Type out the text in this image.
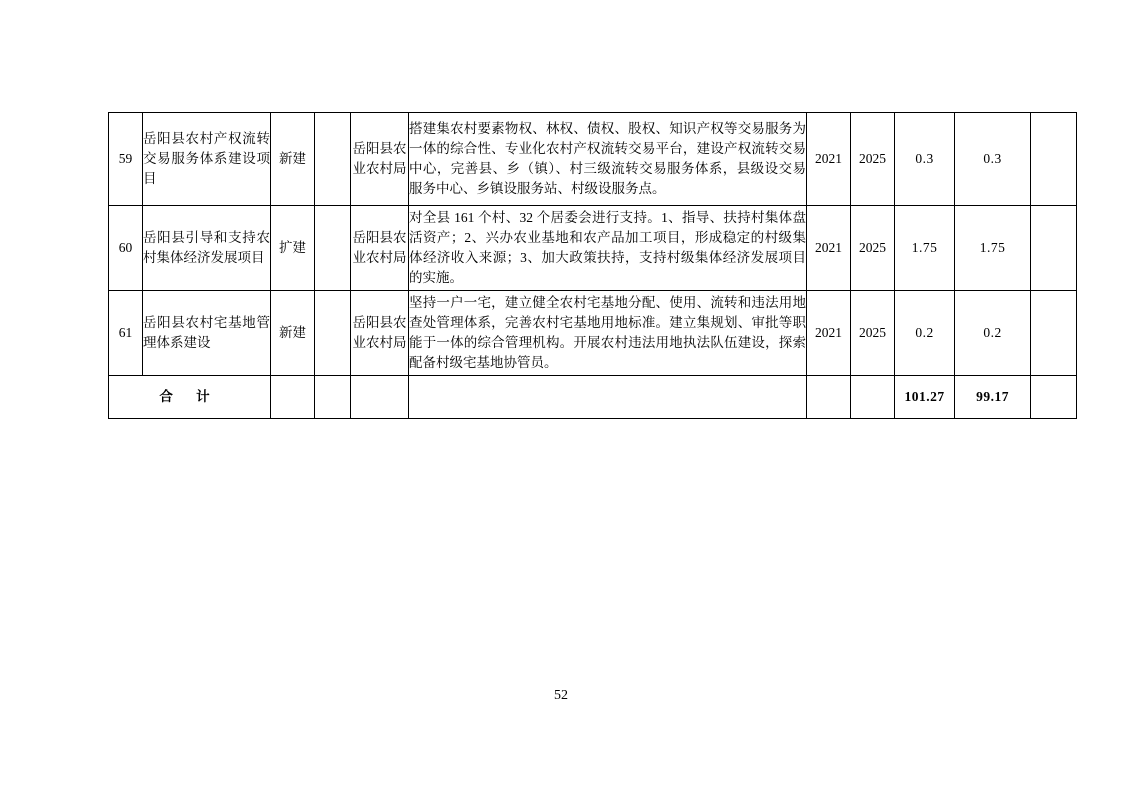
59	岳阳县农村产权流转交易服务体系建设项目	新建		岳阳县农业农村局	搭建集农村要素物权、林权、债权、股权、知识产权等交易服务为一体的综合性、专业化农村产权流转交易平台，建设产权流转交易中心，完善县、乡（镇）、村三级流转交易服务体系，县级设交易服务中心、乡镇设服务站、村级设服务点。	2021	2025	0.3	0.3	
60	岳阳县引导和支持农村集体经济发展项目	扩建		岳阳县农业农村局	对全县 161 个村、32 个居委会进行支持。1、指导、扶持村集体盘活资产；2、兴办农业基地和农产品加工项目，形成稳定的村级集体经济收入来源；3、加大政策扶持，支持村级集体经济发展项目的实施。	2021	2025	1.75	1.75	
61	岳阳县农村宅基地管理体系建设	新建		岳阳县农业农村局	坚持一户一宅，建立健全农村宅基地分配、使用、流转和违法用地查处管理体系，完善农村宅基地用地标准。建立集规划、审批等职能于一体的综合管理机构。开展农村违法用地执法队伍建设，探索配备村级宅基地协管员。	2021	2025	0.2	0.2	
合 计								101.27	99.17	
52
